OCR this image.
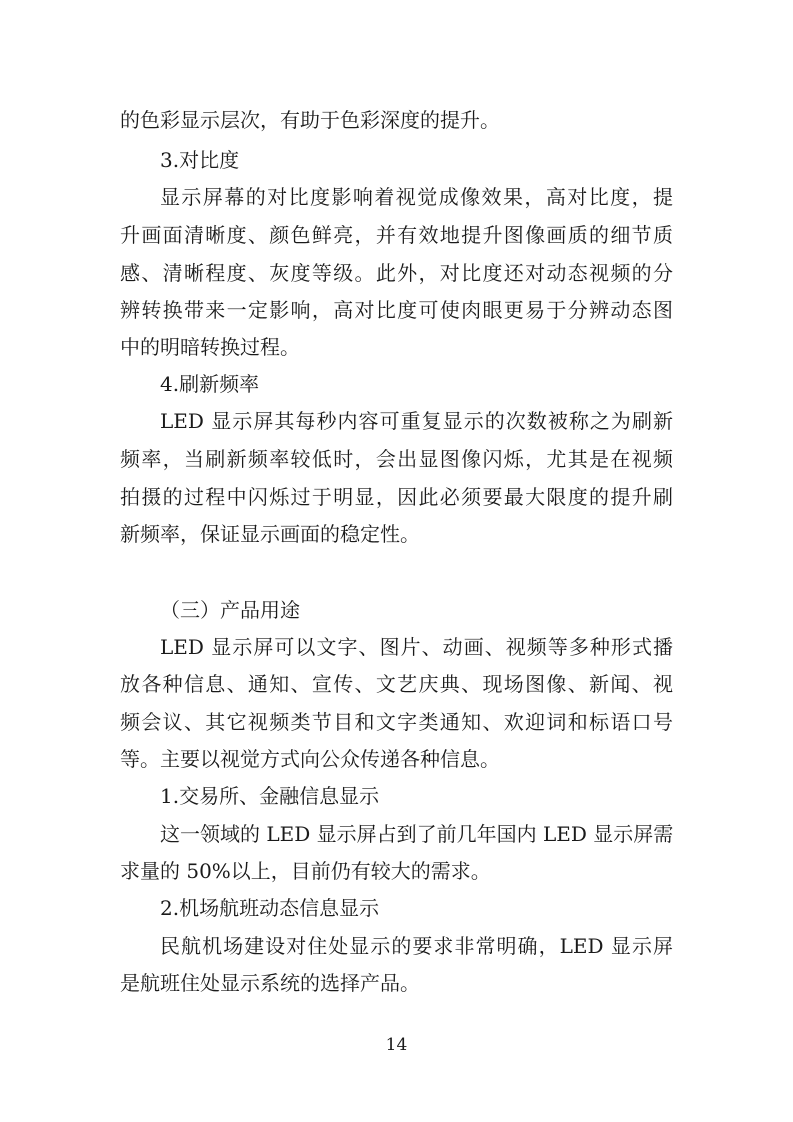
的色彩显示层次，有助于色彩深度的提升。
3.对比度
显示屏幕的对比度影响着视觉成像效果，高对比度，提
升画面清晰度、颜色鲜亮，并有效地提升图像画质的细节质
感、清晰程度、灰度等级。此外，对比度还对动态视频的分
辨转换带来一定影响，高对比度可使肉眼更易于分辨动态图
中的明暗转换过程。
4.刷新频率
LED 显示屏其每秒内容可重复显示的次数被称之为刷新
频率，当刷新频率较低时，会出显图像闪烁，尤其是在视频
拍摄的过程中闪烁过于明显，因此必须要最大限度的提升刷
新频率，保证显示画面的稳定性。
（三）产品用途
LED 显示屏可以文字、图片、动画、视频等多种形式播
放各种信息、通知、宣传、文艺庆典、现场图像、新闻、视
频会议、其它视频类节目和文字类通知、欢迎词和标语口号
等。主要以视觉方式向公众传递各种信息。
1.交易所、金融信息显示
这一领域的 LED 显示屏占到了前几年国内 LED 显示屏需
求量的 50%以上，目前仍有较大的需求。
2.机场航班动态信息显示
民航机场建设对住处显示的要求非常明确，LED 显示屏
是航班住处显示系统的选择产品。
14
